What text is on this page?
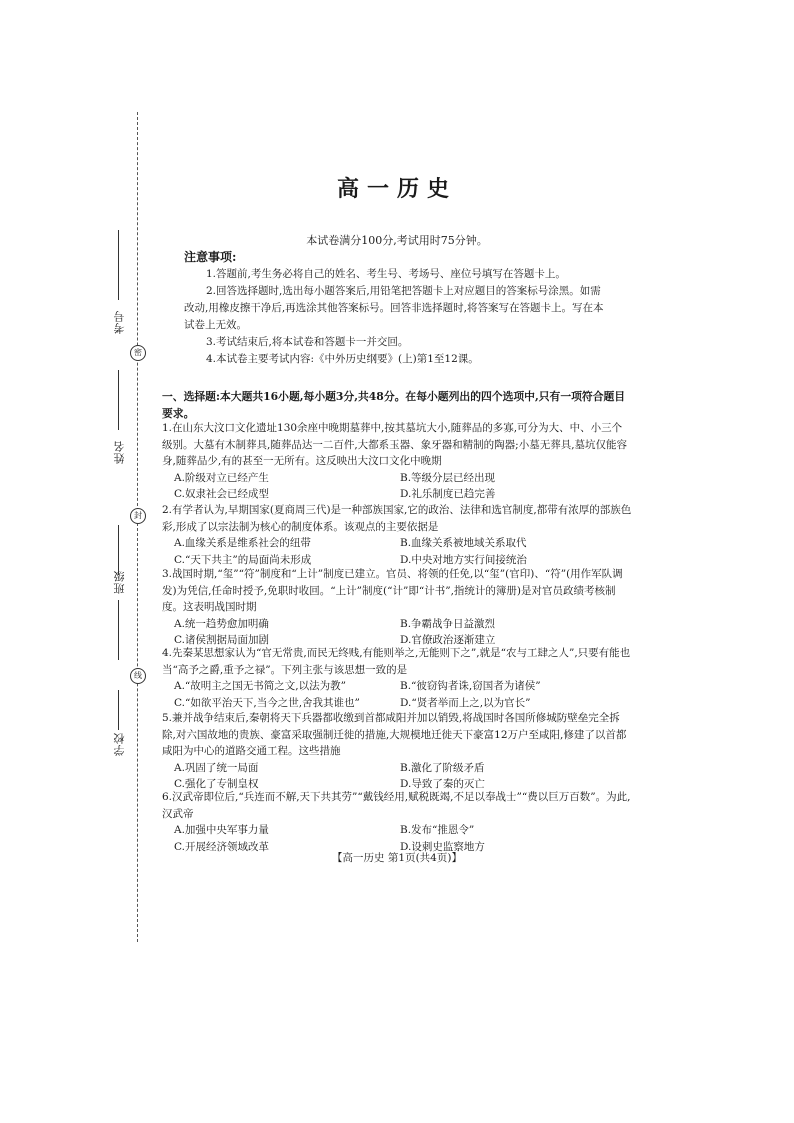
考号
密
姓名
封
班级
线
学校
高一历史
本试卷满分100分,考试用时75分钟。
注意事项:

1.答题前,考生务必将自己的姓名、考生号、考场号、座位号填写在答题卡上。

2.回答选择题时,选出每小题答案后,用铅笔把答题卡上对应题目的答案标号涂黑。如需改动,用橡皮擦干净后,再选涂其他答案标号。回答非选择题时,将答案写在答题卡上。写在本试卷上无效。

3.考试结束后,将本试卷和答题卡一并交回。

4.本试卷主要考试内容:《中外历史纲要》(上)第1至12课。

一、选择题:本大题共16小题,每小题3分,共48分。在每小题列出的四个选项中,只有一项符合题目要求。

1.在山东大汶口文化遗址130余座中晚期墓葬中,按其墓坑大小,随葬品的多寡,可分为大、中、小三个级别。大墓有木制葬具,随葬品达一二百件,大都系玉器、象牙器和精制的陶器;小墓无葬具,墓坑仅能容身,随葬品少,有的甚至一无所有。这反映出大汶口文化中晚期

A.阶级对立已经产生	B.等级分层已经出现
C.奴隶社会已经成型	D.礼乐制度已趋完善

2.有学者认为,早期国家(夏商周三代)是一种部族国家,它的政治、法律和选官制度,都带有浓厚的部族色彩,形成了以宗法制为核心的制度体系。该观点的主要依据是

A.血缘关系是维系社会的纽带	B.血缘关系被地域关系取代
C.“天下共主”的局面尚未形成	D.中央对地方实行间接统治

3.战国时期,“玺”“符”制度和“上计”制度已建立。官员、将领的任免,以“玺”(官印)、“符”(用作军队调发)为凭信,任命时授予,免职时收回。“上计”制度(“计”即“计书”,指统计的簿册)是对官员政绩考核制度。这表明战国时期

A.统一趋势愈加明确	B.争霸战争日益激烈
C.诸侯割据局面加剧	D.官僚政治逐渐建立

4.先秦某思想家认为“官无常贵,而民无终贱,有能则举之,无能则下之”,就是“农与工肆之人”,只要有能也当“高予之爵,重予之禄”。下列主张与该思想一致的是

A.“故明主之国无书简之文,以法为教”	B.“彼窃钩者诛,窃国者为诸侯”
C.“如欲平治天下,当今之世,舍我其谁也”	D.“贤者举而上之,以为官长”

5.兼并战争结束后,秦朝将天下兵器都收缴到首都咸阳并加以销毁,将战国时各国所修城防壁垒完全拆除,对六国故地的贵族、豪富采取强制迁徙的措施,大规模地迁徙天下豪富12万户至咸阳,修建了以首都咸阳为中心的道路交通工程。这些措施

A.巩固了统一局面	B.激化了阶级矛盾
C.强化了专制皇权	D.导致了秦的灭亡

6.汉武帝即位后,“兵连而不解,天下共其劳”“戴钱经用,赋税既竭,不足以奉战士”“费以巨万百数”。为此,汉武帝

A.加强中央军事力量	B.发布“推恩令”
C.开展经济领域改革	D.设刺史监察地方
【高一历史 第1页(共4页)】
